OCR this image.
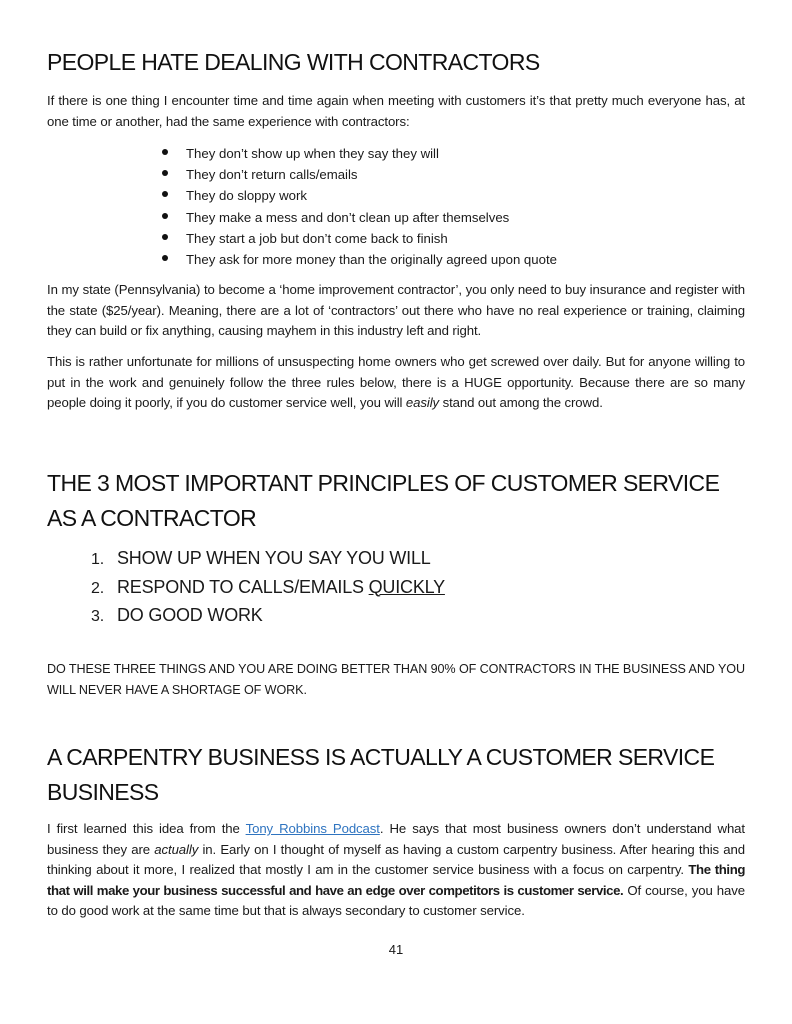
PEOPLE HATE DEALING WITH CONTRACTORS

If there is one thing I encounter time and time again when meeting with customers it’s that pretty much everyone has, at one time or another, had the same experience with contractors:

They don’t show up when they say they will
They don’t return calls/emails
They do sloppy work
They make a mess and don’t clean up after themselves
They start a job but don’t come back to finish
They ask for more money than the originally agreed upon quote

In my state (Pennsylvania) to become a ‘home improvement contractor’, you only need to buy insurance and register with the state ($25/year). Meaning, there are a lot of ‘contractors’ out there who have no real experience or training, claiming they can build or fix anything, causing mayhem in this industry left and right.

This is rather unfortunate for millions of unsuspecting home owners who get screwed over daily. But for anyone willing to put in the work and genuinely follow the three rules below, there is a HUGE opportunity. Because there are so many people doing it poorly, if you do customer service well, you will easily stand out among the crowd.

THE 3 MOST IMPORTANT PRINCIPLES OF CUSTOMER SERVICE
AS A CONTRACTOR
1. SHOW UP WHEN YOU SAY YOU WILL
2. RESPOND TO CALLS/EMAILS QUICKLY
3. DO GOOD WORK

DO THESE THREE THINGS AND YOU ARE DOING BETTER THAN 90% OF CONTRACTORS IN THE BUSINESS AND YOU WILL NEVER HAVE A SHORTAGE OF WORK.

A CARPENTRY BUSINESS IS ACTUALLY A CUSTOMER SERVICE
BUSINESS

I first learned this idea from the Tony Robbins Podcast. He says that most business owners don’t understand what business they are actually in. Early on I thought of myself as having a custom carpentry business. After hearing this and thinking about it more, I realized that mostly I am in the customer service business with a focus on carpentry. The thing that will make your business successful and have an edge over competitors is customer service. Of course, you have to do good work at the same time but that is always secondary to customer service.

41
